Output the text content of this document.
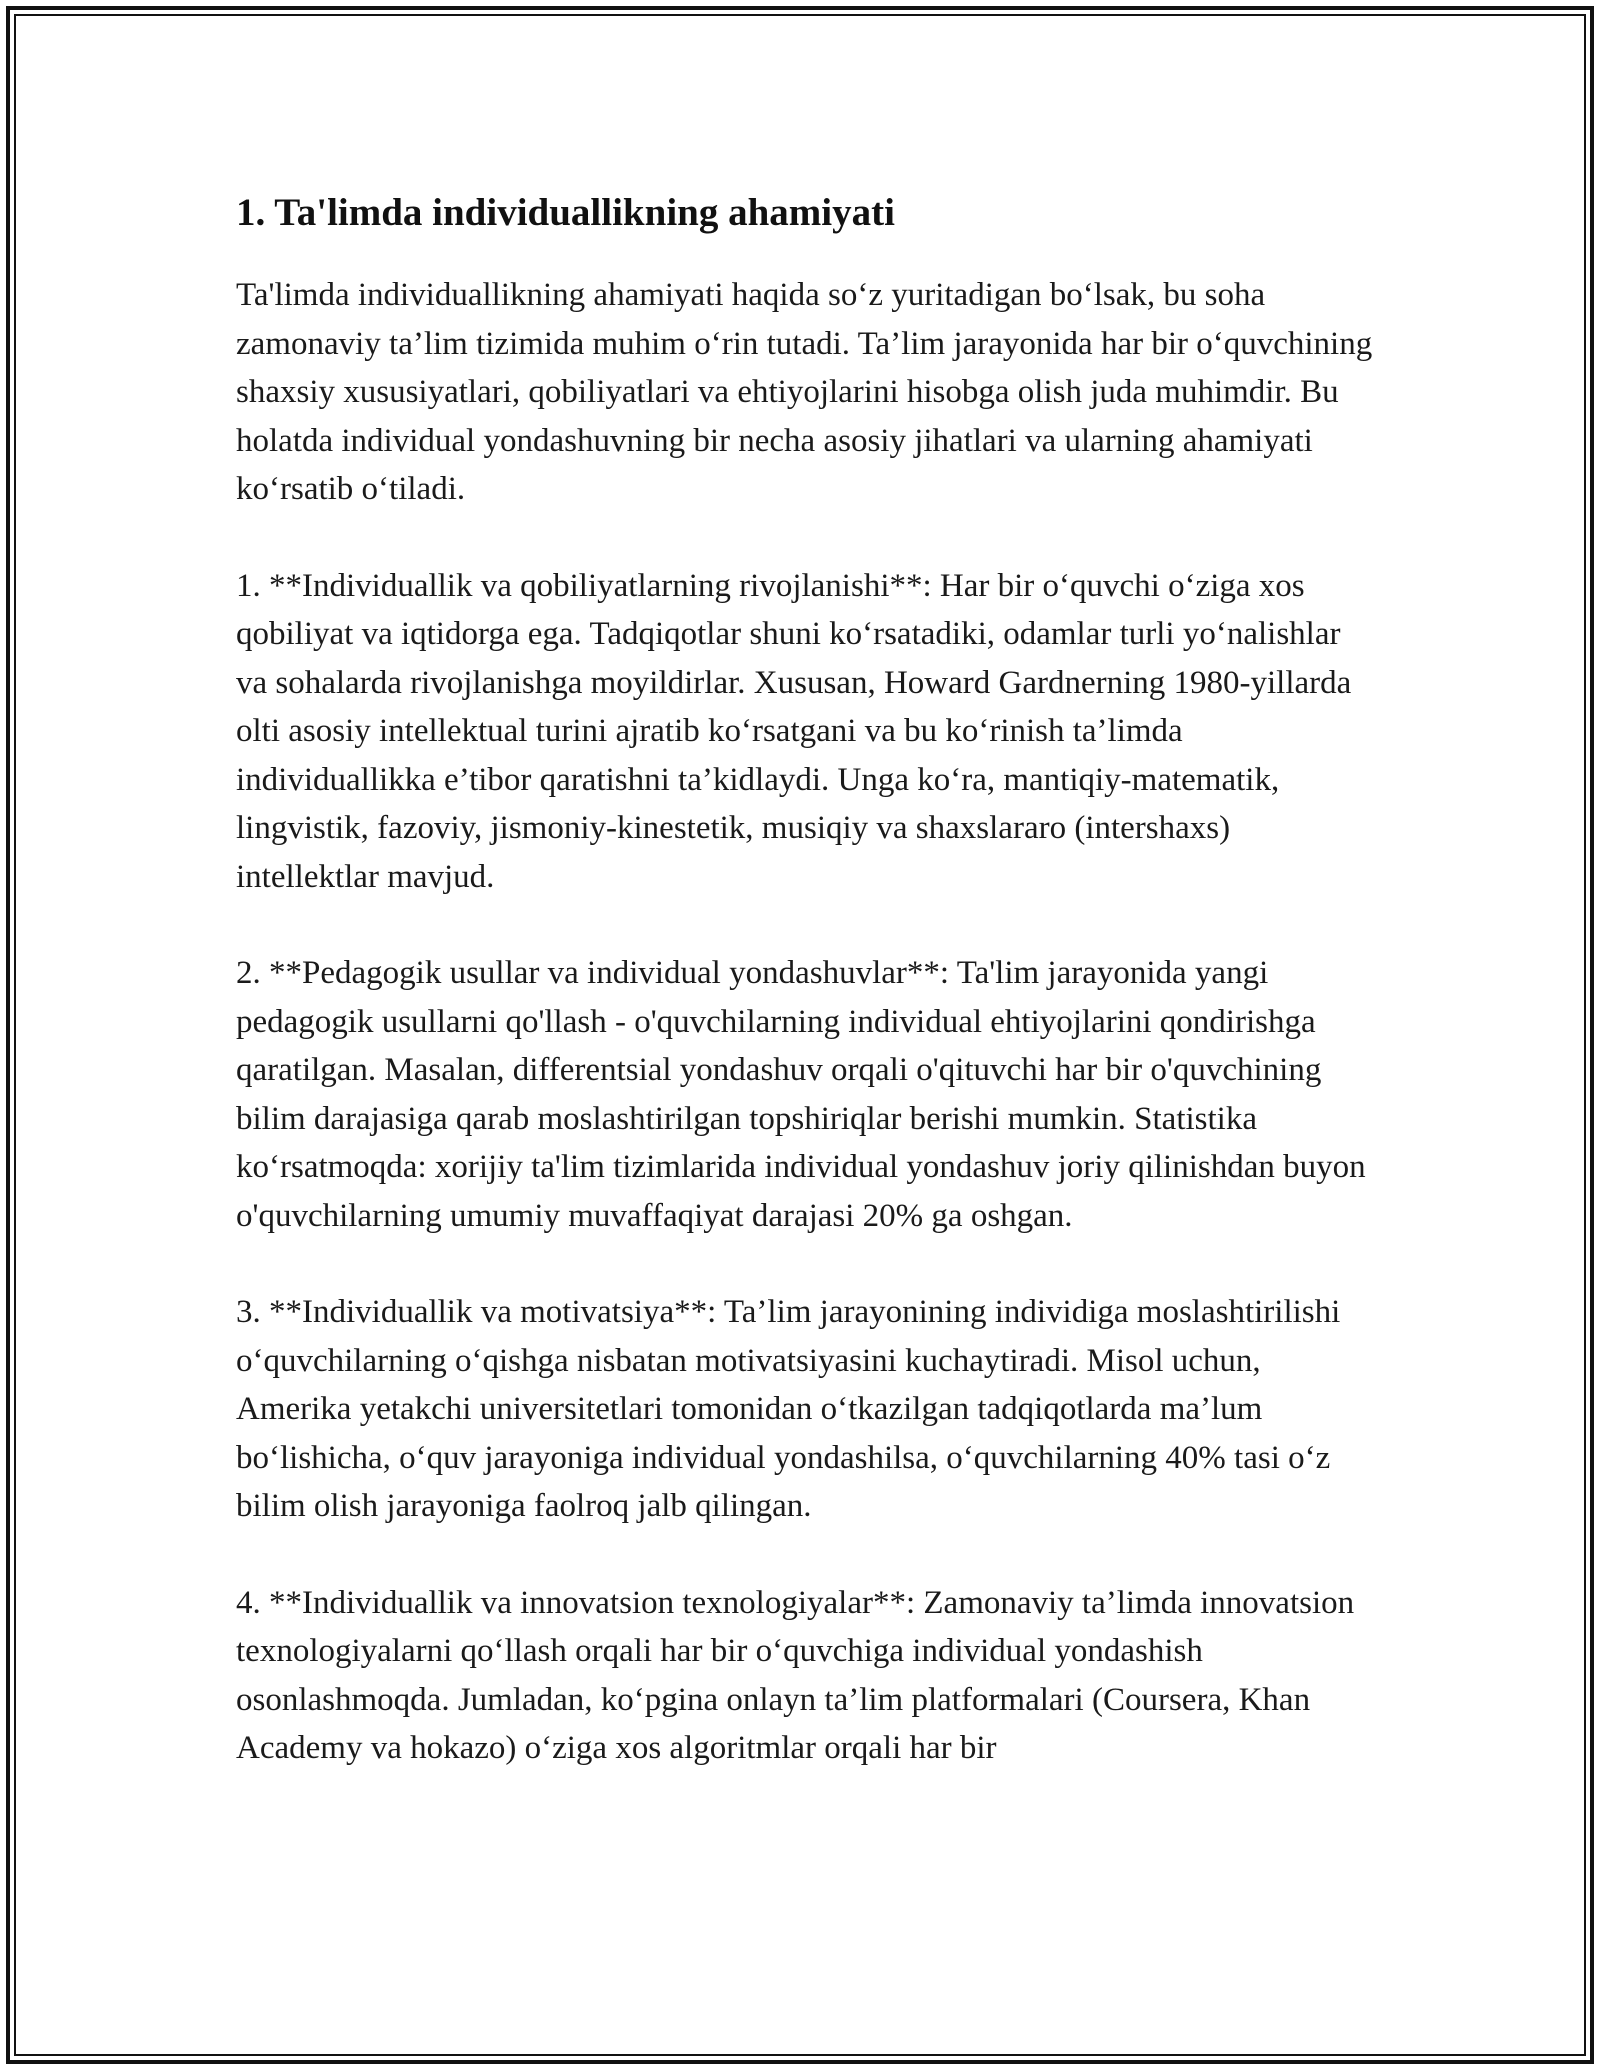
1. Ta'limda individuallikning ahamiyati

Ta'limda individuallikning ahamiyati haqida so‘z yuritadigan bo‘lsak, bu soha zamonaviy ta’lim tizimida muhim o‘rin tutadi. Ta’lim jarayonida har bir o‘quvchining shaxsiy xususiyatlari, qobiliyatlari va ehtiyojlarini hisobga olish juda muhimdir. Bu holatda individual yondashuvning bir necha asosiy jihatlari va ularning ahamiyati ko‘rsatib o‘tiladi.

1. **Individuallik va qobiliyatlarning rivojlanishi**: Har bir o‘quvchi o‘ziga xos qobiliyat va iqtidorga ega. Tadqiqotlar shuni ko‘rsatadiki, odamlar turli yo‘nalishlar va sohalarda rivojlanishga moyildirlar. Xususan, Howard Gardnerning 1980-yillarda olti asosiy intellektual turini ajratib ko‘rsatgani va bu ko‘rinish ta’limda individuallikka e’tibor qaratishni ta’kidlaydi. Unga ko‘ra, mantiqiy-matematik, lingvistik, fazoviy, jismoniy-kinestetik, musiqiy va shaxslararo (intershaxs) intellektlar mavjud.

2. **Pedagogik usullar va individual yondashuvlar**: Ta'lim jarayonida yangi pedagogik usullarni qo'llash - o'quvchilarning individual ehtiyojlarini qondirishga qaratilgan. Masalan, differentsial yondashuv orqali o'qituvchi har bir o'quvchining bilim darajasiga qarab moslashtirilgan topshiriqlar berishi mumkin. Statistika ko‘rsatmoqda: xorijiy ta'lim tizimlarida individual yondashuv joriy qilinishdan buyon o'quvchilarning umumiy muvaffaqiyat darajasi 20% ga oshgan.

3. **Individuallik va motivatsiya**: Ta’lim jarayonining individiga moslashtirilishi o‘quvchilarning o‘qishga nisbatan motivatsiyasini kuchaytiradi. Misol uchun, Amerika yetakchi universitetlari tomonidan o‘tkazilgan tadqiqotlarda ma’lum bo‘lishicha, o‘quv jarayoniga individual yondashilsa, o‘quvchilarning 40% tasi o‘z bilim olish jarayoniga faolroq jalb qilingan.

4. **Individuallik va innovatsion texnologiyalar**: Zamonaviy ta’limda innovatsion texnologiyalarni qo‘llash orqali har bir o‘quvchiga individual yondashish osonlashmoqda. Jumladan, ko‘pgina onlayn ta’lim platformalari (Coursera, Khan Academy va hokazo) o‘ziga xos algoritmlar orqali har bir
